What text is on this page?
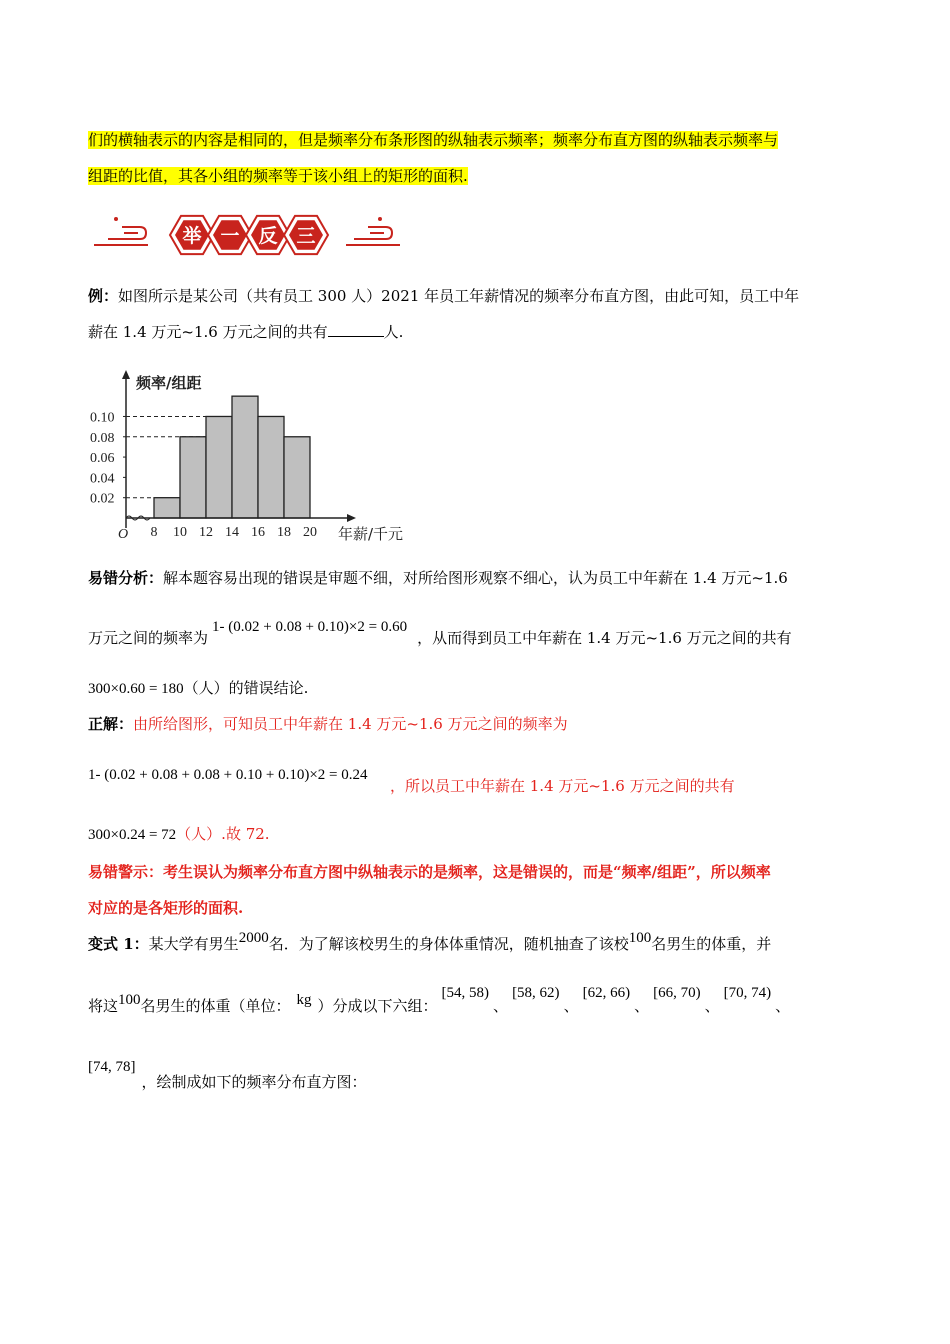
们的横轴表示的内容是相同的，但是频率分布条形图的纵轴表示频率；频率分布直方图的纵轴表示频率与
组距的比值，其各小组的频率等于该小组上的矩形的面积.
举 一 反 三
例：如图所示是某公司（共有员工 300 人）2021 年员工年薪情况的频率分布直方图，由此可知，员工中年
薪在 1.4 万元~1.6 万元之间的共有	人.
频率/组距
O
0.02
0.04
0.06
0.08
0.10
8 10 12 14 16 18 20 年薪/千元
易错分析：解本题容易出现的错误是审题不细，对所给图形观察不细心，认为员工中年薪在 1.4 万元~1.6
万元之间的频率为1- (0.02 + 0.08 + 0.10)×2 = 0.60，从而得到员工中年薪在 1.4 万元~1.6 万元之间的共有
300×0.60 = 180（人）的错误结论.
正解：由所给图形，可知员工中年薪在 1.4 万元~1.6 万元之间的频率为
1- (0.02 + 0.08 + 0.08 + 0.10 + 0.10)×2 = 0.24
，所以员工中年薪在 1.4 万元~1.6 万元之间的共有
300×0.24 = 72（人）.故 72.
易错警示：考生误认为频率分布直方图中纵轴表示的是频率，这是错误的，而是“频率/组距”，所以频率
对应的是各矩形的面积.
变式 1：某大学有男生2000名．为了解该校男生的身体体重情况，随机抽查了该校100名男生的体重，并
将这100名男生的体重（单位： kg ）分成以下六组：[54, 58)、[58, 62)、[62, 66)、[66, 70)、[70, 74)、
[74, 78]，绘制成如下的频率分布直方图：
